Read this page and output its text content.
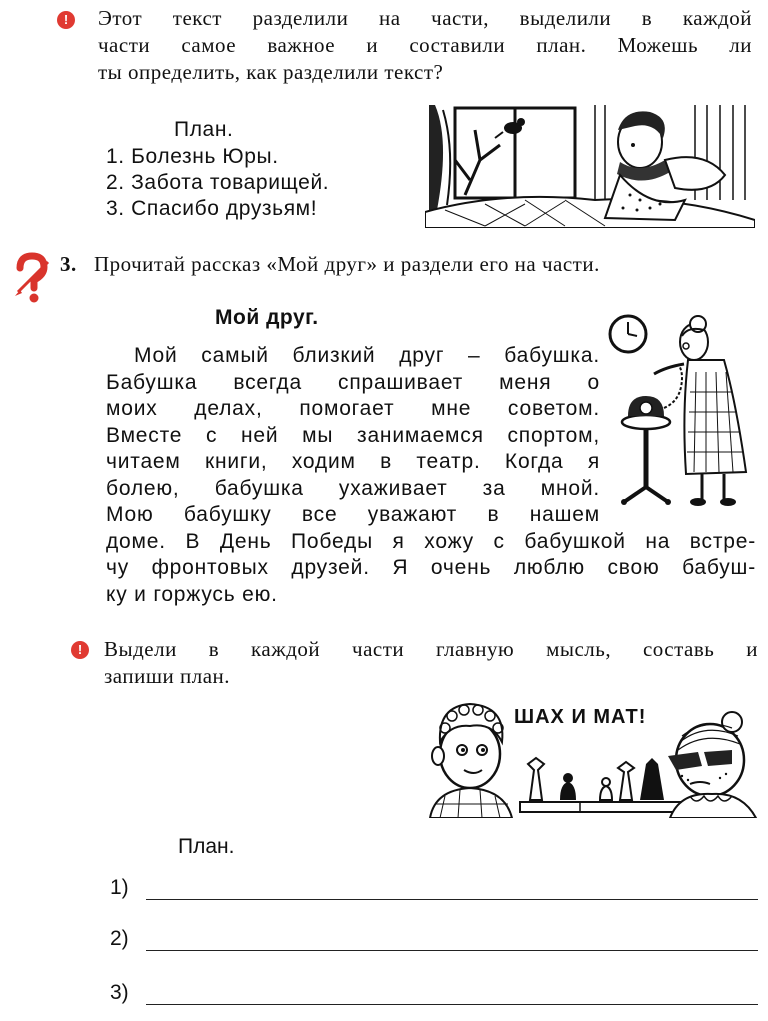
!	Этот текст разделили на части, выделили в каждой
части самое важное и составили план. Можешь ли
ты определить, как разделили текст?
План.
1. Болезнь Юры.
2. Забота товарищей.
3. Спасибо друзьям!
3. Прочитай рассказ «Мой друг» и раздели его на части.
Мой друг.
Мой самый близкий друг – бабушка.
Бабушка всегда спрашивает меня о
моих делах, помогает мне советом.
Вместе с ней мы занимаемся спортом,
читаем книги, ходим в театр. Когда я
болею, бабушка ухаживает за мной.
Мою бабушку все уважают в нашем
доме. В День Победы я хожу с бабушкой на встре-
чу фронтовых друзей. Я очень люблю свою бабуш-
ку и горжусь ею.
!	Выдели в каждой части главную мысль, составь и
запиши план.
ШАХ И МАТ!
План.
1)
2)
3)
